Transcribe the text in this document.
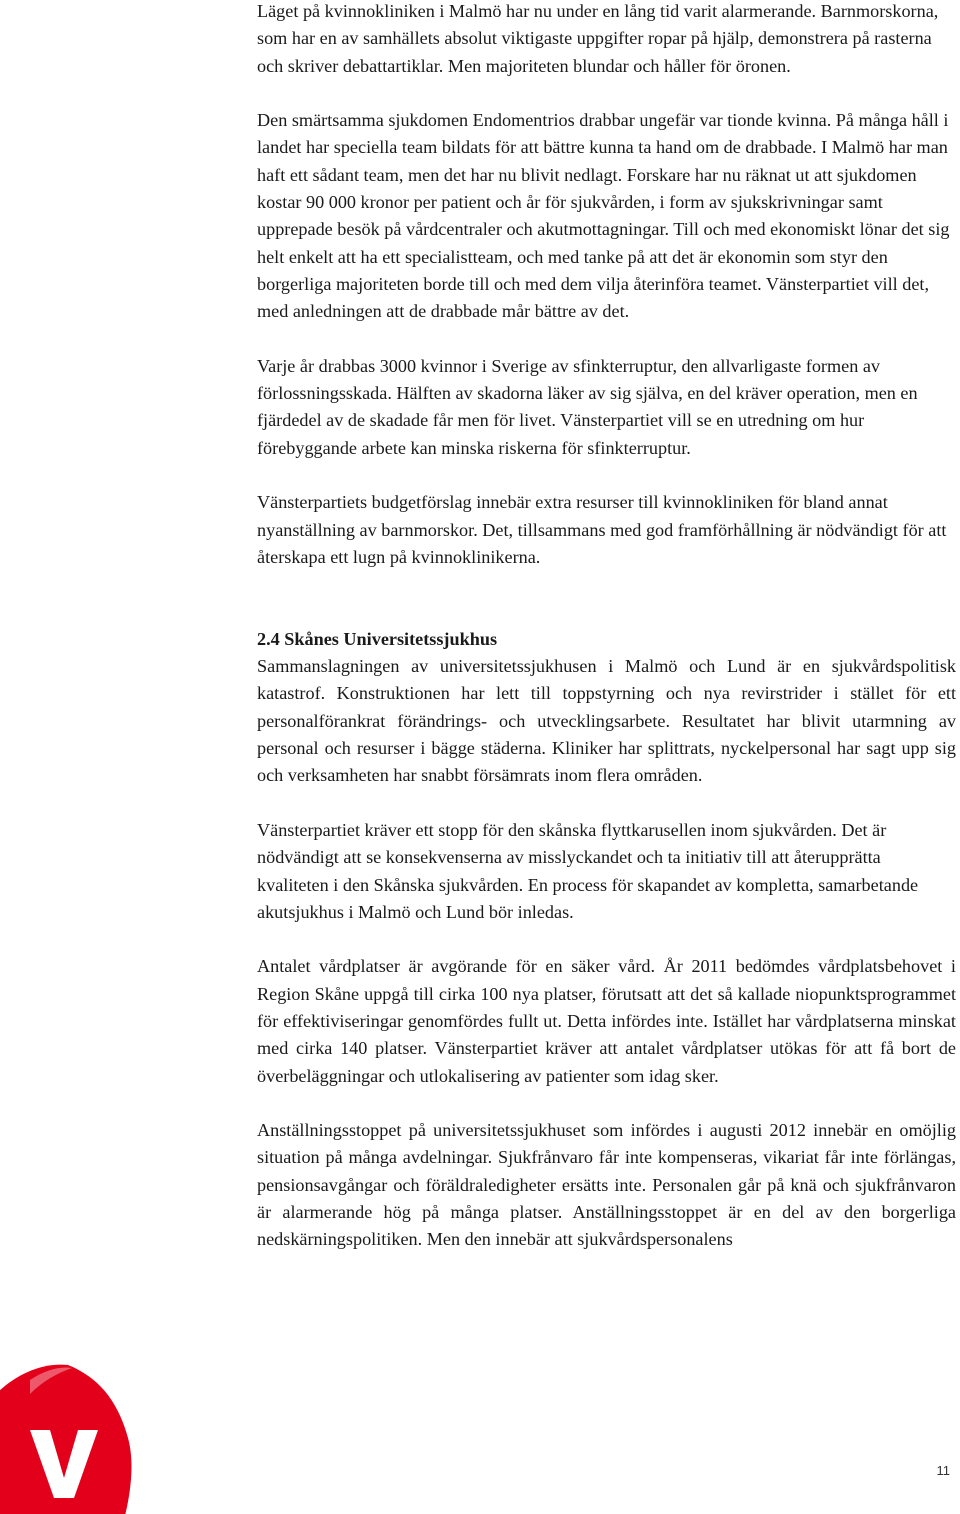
Läget på kvinnokliniken i Malmö har nu under en lång tid varit alarmerande. Barnmorskorna, som har en av samhällets absolut viktigaste uppgifter ropar på hjälp, demonstrera på rasterna och skriver debattartiklar. Men majoriteten blundar och håller för öronen.

Den smärtsamma sjukdomen Endomentrios drabbar ungefär var tionde kvinna. På många håll i landet har speciella team bildats för att bättre kunna ta hand om de drabbade. I Malmö har man haft ett sådant team, men det har nu blivit nedlagt. Forskare har nu räknat ut att sjukdomen kostar 90 000 kronor per patient och år för sjukvården, i form av sjukskrivningar samt upprepade besök på vårdcentraler och akutmottagningar. Till och med ekonomiskt lönar det sig helt enkelt att ha ett specialistteam, och med tanke på att det är ekonomin som styr den borgerliga majoriteten borde till och med dem vilja återinföra teamet. Vänsterpartiet vill det, med anledningen att de drabbade mår bättre av det.

Varje år drabbas 3000 kvinnor i Sverige av sfinkterruptur, den allvarligaste formen av förlossningsskada. Hälften av skadorna läker av sig själva, en del kräver operation, men en fjärdedel av de skadade får men för livet. Vänsterpartiet vill se en utredning om hur förebyggande arbete kan minska riskerna för sfinkterruptur.

Vänsterpartiets budgetförslag innebär extra resurser till kvinnokliniken för bland annat nyanställning av barnmorskor. Det, tillsammans med god framförhållning är nödvändigt för att återskapa ett lugn på kvinnoklinikerna.

2.4 Skånes Universitetssjukhus

Sammanslagningen av universitetssjukhusen i Malmö och Lund är en sjukvårdspolitisk katastrof. Konstruktionen har lett till toppstyrning och nya revirstrider i stället för ett personalförankrat förändrings- och utvecklingsarbete. Resultatet har blivit utarmning av personal och resurser i bägge städerna. Kliniker har splittrats, nyckelpersonal har sagt upp sig och verksamheten har snabbt försämrats inom flera områden.

Vänsterpartiet kräver ett stopp för den skånska flyttkarusellen inom sjukvården. Det är nödvändigt att se konsekvenserna av misslyckandet och ta initiativ till att återupprätta kvaliteten i den Skånska sjukvården. En process för skapandet av kompletta, samarbetande akutsjukhus i Malmö och Lund bör inledas.

Antalet vårdplatser är avgörande för en säker vård. År 2011 bedömdes vårdplatsbehovet i Region Skåne uppgå till cirka 100 nya platser, förutsatt att det så kallade niopunktsprogrammet för effektiviseringar genomfördes fullt ut. Detta infördes inte. Istället har vårdplatserna minskat med cirka 140 platser. Vänsterpartiet kräver att antalet vårdplatser utökas för att få bort de överbeläggningar och utlokalisering av patienter som idag sker.

Anställningsstoppet på universitetssjukhuset som infördes i augusti 2012 innebär en omöjlig situation på många avdelningar. Sjukfrånvaro får inte kompenseras, vikariat får inte förlängas, pensionsavgångar och föräldraledigheter ersätts inte. Personalen går på knä och sjukfrånvaron är alarmerande hög på många platser. Anställningsstoppet är en del av den borgerliga nedskärningspolitiken. Men den innebär att sjukvårdspersonalens

11
